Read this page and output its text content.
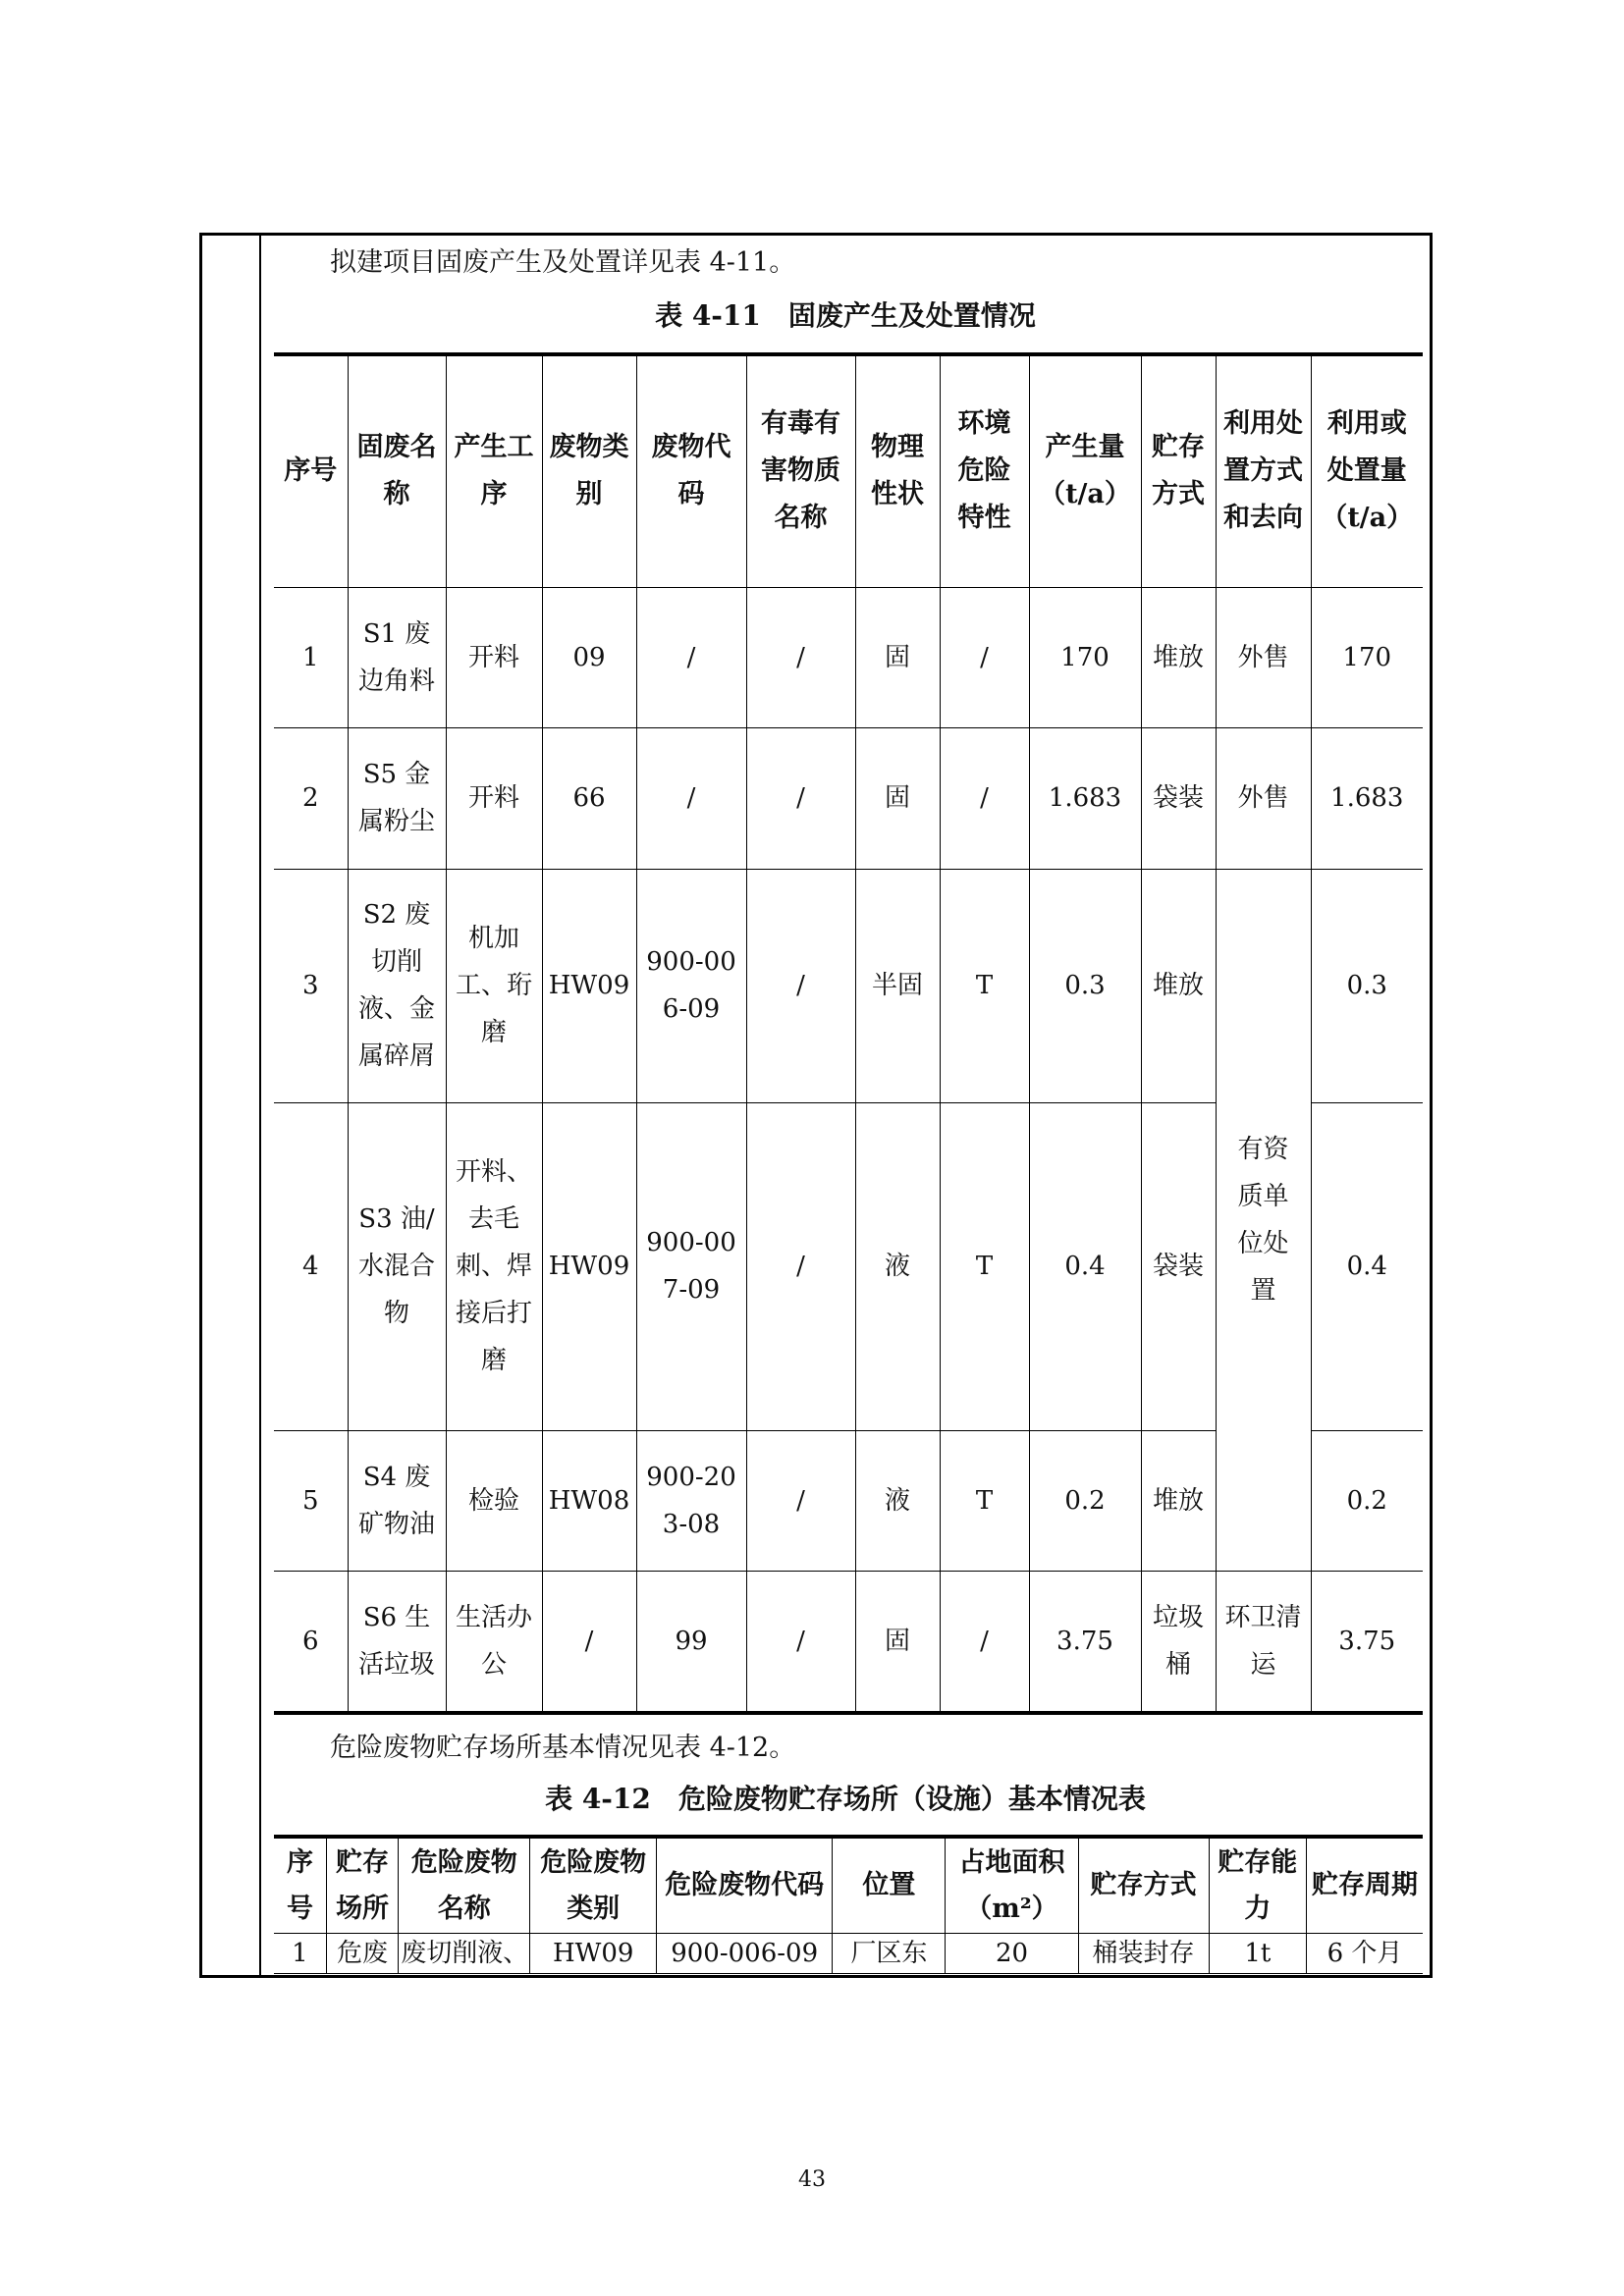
拟建项目固废产生及处置详见表 4-11。
表 4-11　固废产生及处置情况
序号	固废名称	产生工序	废物类别	废物代码	有毒有害物质名称	物理性状	环境危险特性	产生量（t/a）	贮存方式	利用处置方式和去向	利用或处置量（t/a）
1	S1 废边角料	开料	09	/	/	固	/	170	堆放	外售	170
2	S5 金属粉尘	开料	66	/	/	固	/	1.683	袋装	外售	1.683
3	S2 废切削液、金属碎屑	机加工、珩磨	HW09	900-006-09	/	半固	T	0.3	堆放	有资质单位处置	0.3
4	S3 油/水混合物	开料、去毛刺、焊接后打磨	HW09	900-007-09	/	液	T	0.4	袋装		0.4
5	S4 废矿物油	检验	HW08	900-203-08	/	液	T	0.2	堆放		0.2
6	S6 生活垃圾	生活办公	/	99	/	固	/	3.75	垃圾桶	环卫清运	3.75
危险废物贮存场所基本情况见表 4-12。
表 4-12　危险废物贮存场所（设施）基本情况表
序号	贮存场所	危险废物名称	危险废物类别	危险废物代码	位置	占地面积（m²）	贮存方式	贮存能力	贮存周期
1	危废	废切削液、	HW09	900-006-09	厂区东	20	桶装封存	1t	6 个月
43
